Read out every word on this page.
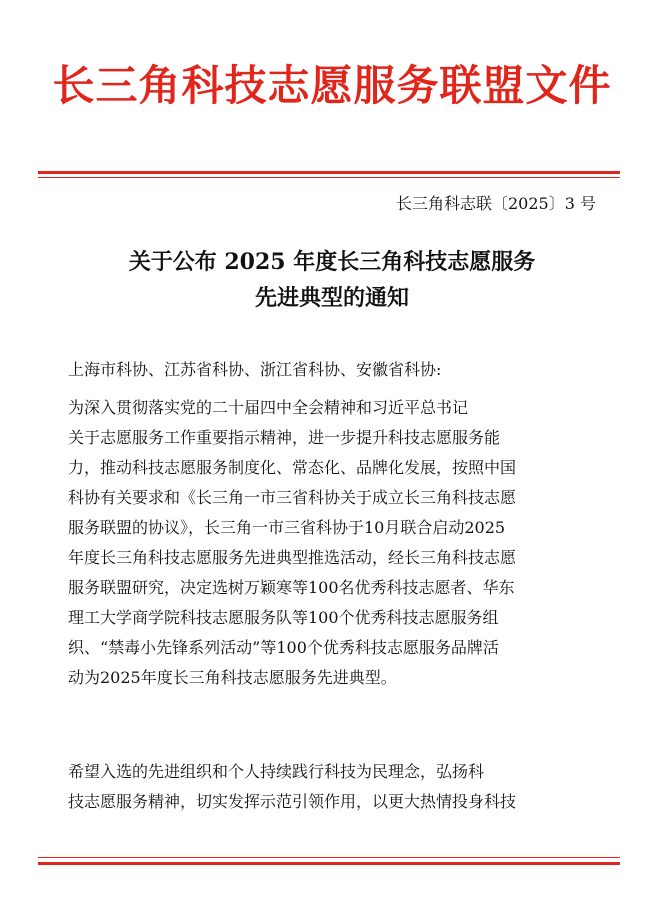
长三角科技志愿服务联盟文件
长三角科志联〔2025〕3 号
关于公布 2025 年度长三角科技志愿服务
先进典型的通知
上海市科协、江苏省科协、浙江省科协、安徽省科协:
为深入贯彻落实党的二十届四中全会精神和习近平总书记
关于志愿服务工作重要指示精神，进一步提升科技志愿服务能
力，推动科技志愿服务制度化、常态化、品牌化发展，按照中国
科协有关要求和《长三角一市三省科协关于成立长三角科技志愿
服务联盟的协议》，长三角一市三省科协于10月联合启动2025
年度长三角科技志愿服务先进典型推选活动，经长三角科技志愿
服务联盟研究，决定选树万颖寒等100名优秀科技志愿者、华东
理工大学商学院科技志愿服务队等100个优秀科技志愿服务组
织、“禁毒小先锋系列活动”等100个优秀科技志愿服务品牌活
动为2025年度长三角科技志愿服务先进典型。
希望入选的先进组织和个人持续践行科技为民理念，弘扬科
技志愿服务精神，切实发挥示范引领作用，以更大热情投身科技
